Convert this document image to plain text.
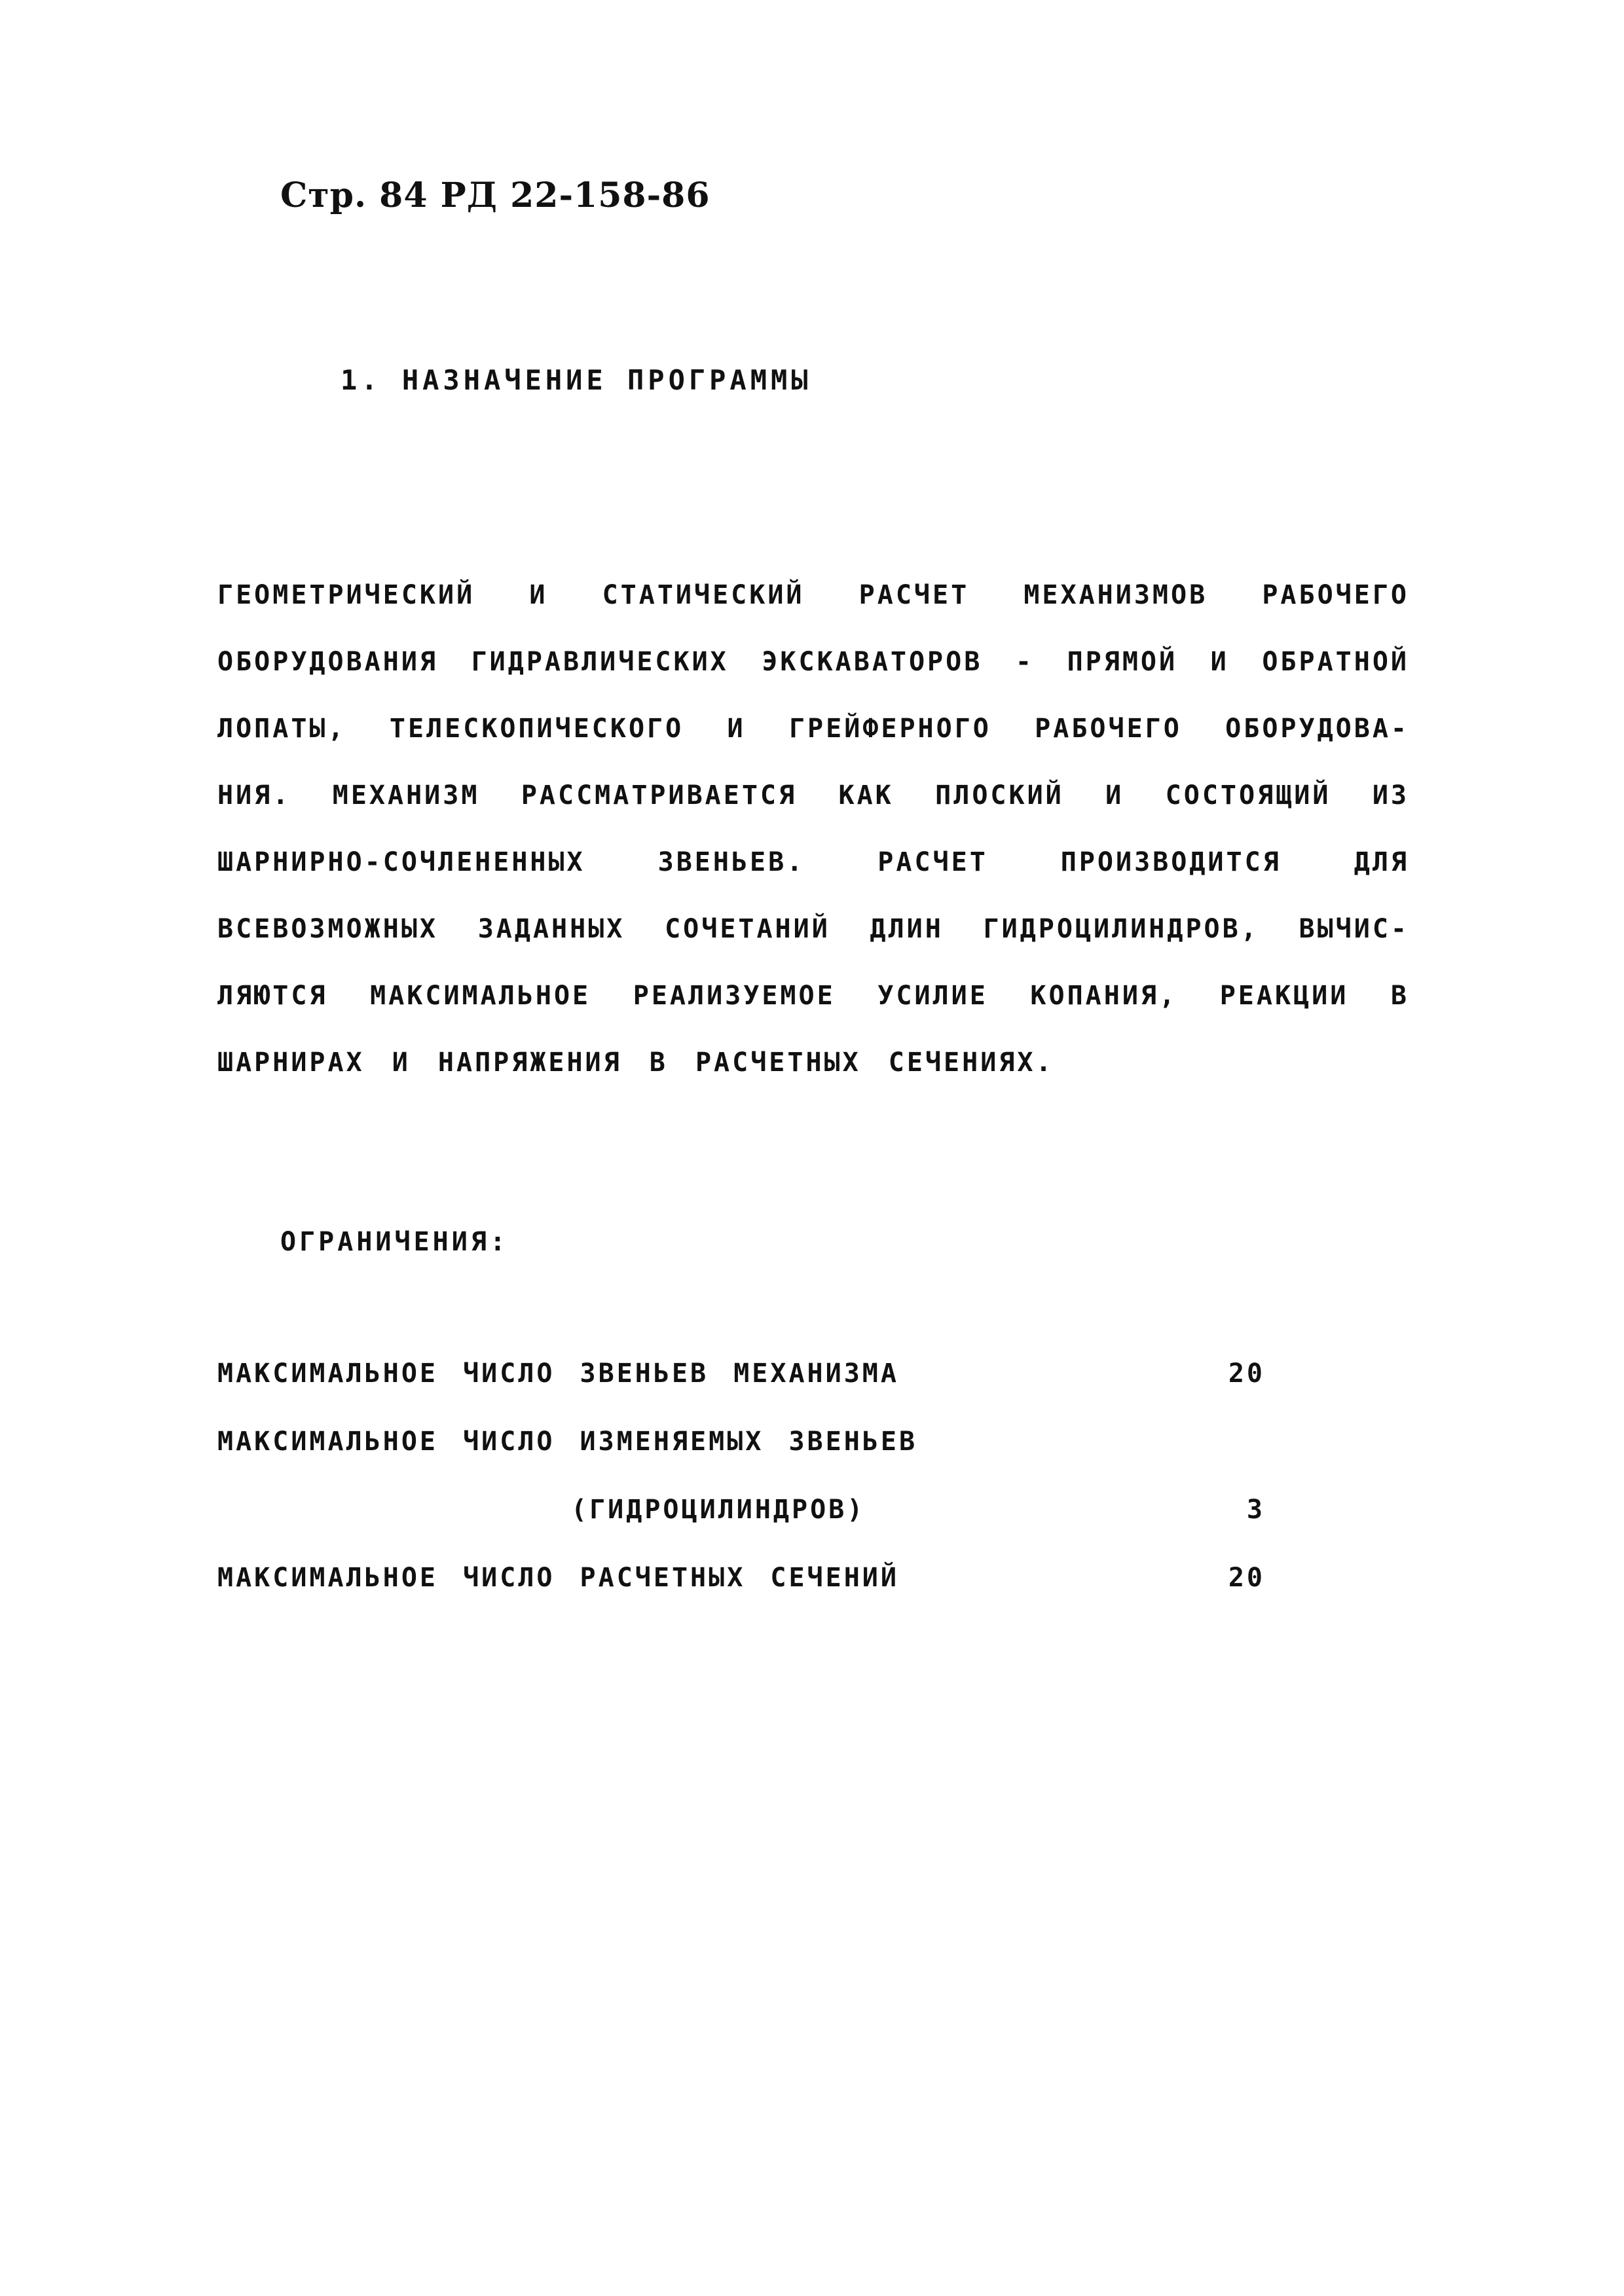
Стр. 84 РД 22-158-86
1. НАЗНАЧЕНИЕ ПРОГРАММЫ
ГЕОМЕТРИЧЕСКИЙ И СТАТИЧЕСКИЙ РАСЧЕТ МЕХАНИЗМОВ РАБОЧЕГО
ОБОРУДОВАНИЯ ГИДРАВЛИЧЕСКИХ ЭКСКАВАТОРОВ - ПРЯМОЙ И ОБРАТНОЙ
ЛОПАТЫ, ТЕЛЕСКОПИЧЕСКОГО И ГРЕЙФЕРНОГО РАБОЧЕГО ОБОРУДОВА-
НИЯ. МЕХАНИЗМ РАССМАТРИВАЕТСЯ КАК ПЛОСКИЙ И СОСТОЯЩИЙ ИЗ
ШАРНИРНО-СОЧЛЕНЕННЫХ ЗВЕНЬЕВ. РАСЧЕТ ПРОИЗВОДИТСЯ ДЛЯ
ВСЕВОЗМОЖНЫХ ЗАДАННЫХ СОЧЕТАНИЙ ДЛИН ГИДРОЦИЛИНДРОВ, ВЫЧИС-
ЛЯЮТСЯ МАКСИМАЛЬНОЕ РЕАЛИЗУЕМОЕ УСИЛИЕ КОПАНИЯ, РЕАКЦИИ В
ШАРНИРАХ И НАПРЯЖЕНИЯ В РАСЧЕТНЫХ СЕЧЕНИЯХ.
ОГРАНИЧЕНИЯ:
МАКСИМАЛЬНОЕ ЧИСЛО ЗВЕНЬЕВ МЕХАНИЗМА	20
МАКСИМАЛЬНОЕ ЧИСЛО ИЗМЕНЯЕМЫХ ЗВЕНЬЕВ
(ГИДРОЦИЛИНДРОВ)	3
МАКСИМАЛЬНОЕ ЧИСЛО РАСЧЕТНЫХ СЕЧЕНИЙ	20
